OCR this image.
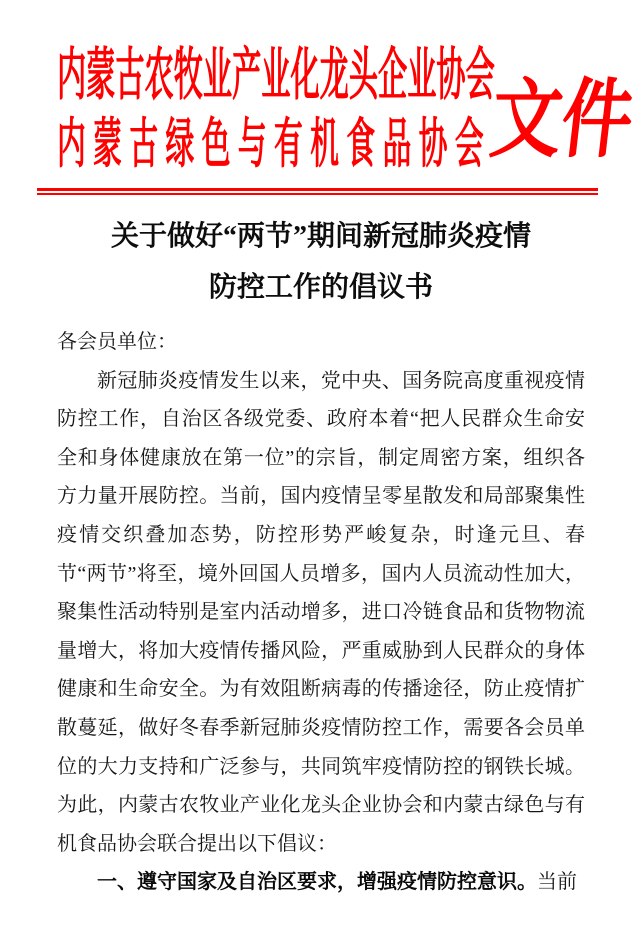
内蒙古农牧业产业化龙头企业协会
内蒙古绿色与有机食品协会
文件
关于做好“两节”期间新冠肺炎疫情
防控工作的倡议书
各会员单位：
新冠肺炎疫情发生以来，党中央、国务院高度重视疫情防控工作，自治区各级党委、政府本着“把人民群众生命安全和身体健康放在第一位”的宗旨，制定周密方案，组织各方力量开展防控。当前，国内疫情呈零星散发和局部聚集性疫情交织叠加态势，防控形势严峻复杂，时逢元旦、春节“两节”将至，境外回国人员增多，国内人员流动性加大，聚集性活动特别是室内活动增多，进口冷链食品和货物物流量增大，将加大疫情传播风险，严重威胁到人民群众的身体健康和生命安全。为有效阻断病毒的传播途径，防止疫情扩散蔓延，做好冬春季新冠肺炎疫情防控工作，需要各会员单位的大力支持和广泛参与，共同筑牢疫情防控的钢铁长城。为此，内蒙古农牧业产业化龙头企业协会和内蒙古绿色与有机食品协会联合提出以下倡议：
一、遵守国家及自治区要求，增强疫情防控意识。当前
